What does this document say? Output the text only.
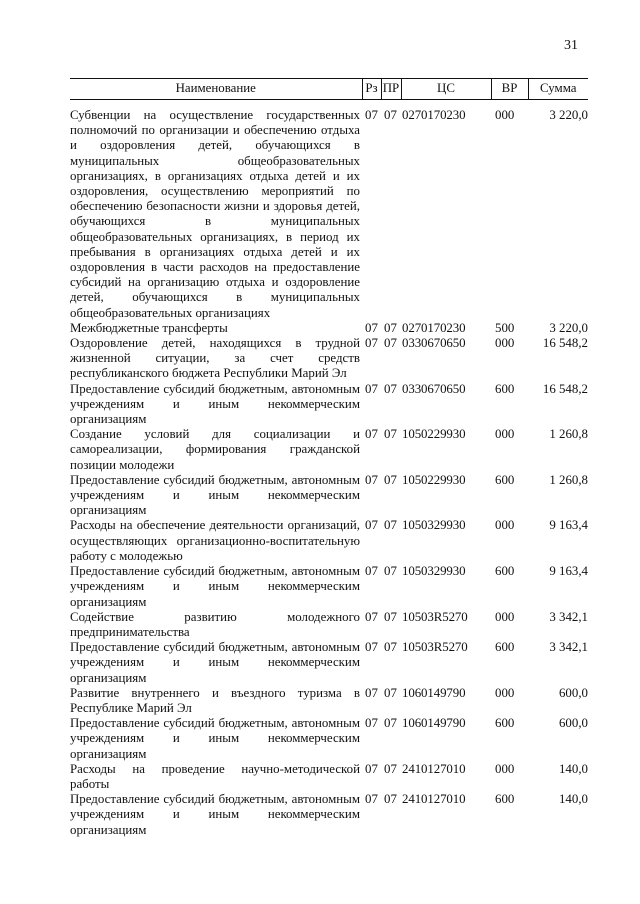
31
Наименование	Рз	ПР	ЦС	ВР	Сумма

Субвенции на осуществление государственных полномочий по организации и обеспечению отдыха и оздоровления детей, обучающихся в муниципальных общеобразовательных организациях, в организациях отдыха детей и их оздоровления, осуществлению мероприятий по обеспечению безопасности жизни и здоровья детей, обучающихся в муниципальных общеобразовательных организациях, в период их пребывания в организациях отдыха детей и их оздоровления в части расходов на предоставление субсидий на организацию отдыха и оздоровление детей, обучающихся в муниципальных общеобразовательных организациях	07	07	0270170230	000	3 220,0
Межбюджетные трансферты	07	07	0270170230	500	3 220,0
Оздоровление детей, находящихся в трудной жизненной ситуации, за счет средств республиканского бюджета Республики Марий Эл	07	07	0330670650	000	16 548,2
Предоставление субсидий бюджетным, автономным учреждениям и иным некоммерческим организациям	07	07	0330670650	600	16 548,2
Создание условий для социализации и самореализации, формирования гражданской позиции молодежи	07	07	1050229930	000	1 260,8
Предоставление субсидий бюджетным, автономным учреждениям и иным некоммерческим организациям	07	07	1050229930	600	1 260,8
Расходы на обеспечение деятельности организаций, осуществляющих организационно-воспитательную работу с молодежью	07	07	1050329930	000	9 163,4
Предоставление субсидий бюджетным, автономным учреждениям и иным некоммерческим организациям	07	07	1050329930	600	9 163,4
Содействие развитию молодежного предпринимательства	07	07	10503R5270	000	3 342,1
Предоставление субсидий бюджетным, автономным учреждениям и иным некоммерческим организациям	07	07	10503R5270	600	3 342,1
Развитие внутреннего и въездного туризма в Республике Марий Эл	07	07	1060149790	000	600,0
Предоставление субсидий бюджетным, автономным учреждениям и иным некоммерческим организациям	07	07	1060149790	600	600,0
Расходы на проведение научно-методической работы	07	07	2410127010	000	140,0
Предоставление субсидий бюджетным, автономным учреждениям и иным некоммерческим организациям	07	07	2410127010	600	140,0
